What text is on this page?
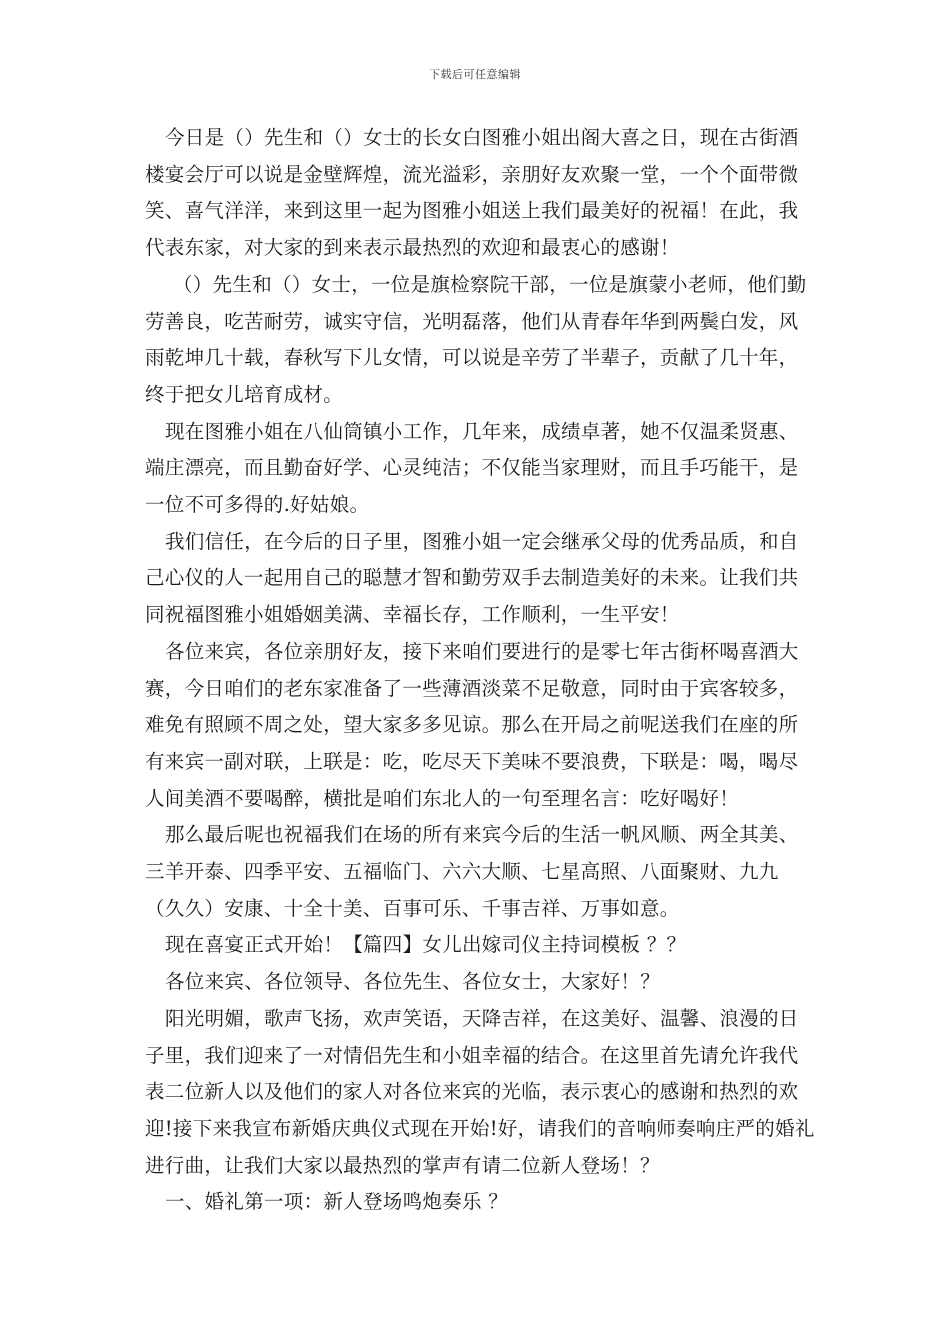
下载后可任意编辑

今日是（）先生和（）女士的长女白图雅小姐出阁大喜之日，现在古街酒楼宴会厅可以说是金壁辉煌，流光溢彩，亲朋好友欢聚一堂，一个个面带微笑、喜气洋洋，来到这里一起为图雅小姐送上我们最美好的祝福！在此，我代表东家，对大家的到来表示最热烈的欢迎和最衷心的感谢！

（）先生和（）女士，一位是旗检察院干部，一位是旗蒙小老师，他们勤劳善良，吃苦耐劳，诚实守信，光明磊落，他们从青春年华到两鬓白发，风雨乾坤几十载，春秋写下儿女情，可以说是辛劳了半辈子，贡献了几十年，终于把女儿培育成材。

现在图雅小姐在八仙筒镇小工作，几年来，成绩卓著，她不仅温柔贤惠、端庄漂亮，而且勤奋好学、心灵纯洁；不仅能当家理财，而且手巧能干，是一位不可多得的.好姑娘。

我们信任，在今后的日子里，图雅小姐一定会继承父母的优秀品质，和自己心仪的人一起用自己的聪慧才智和勤劳双手去制造美好的未来。让我们共同祝福图雅小姐婚姻美满、幸福长存，工作顺利，一生平安！

各位来宾，各位亲朋好友，接下来咱们要进行的是零七年古街杯喝喜酒大赛，今日咱们的老东家准备了一些薄酒淡菜不足敬意，同时由于宾客较多，难免有照顾不周之处，望大家多多见谅。那么在开局之前呢送我们在座的所有来宾一副对联，上联是：吃，吃尽天下美味不要浪费，下联是：喝，喝尽人间美酒不要喝醉，横批是咱们东北人的一句至理名言：吃好喝好！

那么最后呢也祝福我们在场的所有来宾今后的生活一帆风顺、两全其美、三羊开泰、四季平安、五福临门、六六大顺、七星高照、八面聚财、九九（久久）安康、十全十美、百事可乐、千事吉祥、万事如意。

现在喜宴正式开始！【篇四】女儿出嫁司仪主持词模板 ？？

各位来宾、各位领导、各位先生、各位女士，大家好！？

阳光明媚，歌声飞扬，欢声笑语，天降吉祥，在这美好、温馨、浪漫的日子里，我们迎来了一对情侣先生和小姐幸福的结合。在这里首先请允许我代表二位新人以及他们的家人对各位来宾的光临，表示衷心的感谢和热烈的欢迎!接下来我宣布新婚庆典仪式现在开始!好，请我们的音响师奏响庄严的婚礼进行曲，让我们大家以最热烈的掌声有请二位新人登场！？

一、婚礼第一项：新人登场鸣炮奏乐 ？
